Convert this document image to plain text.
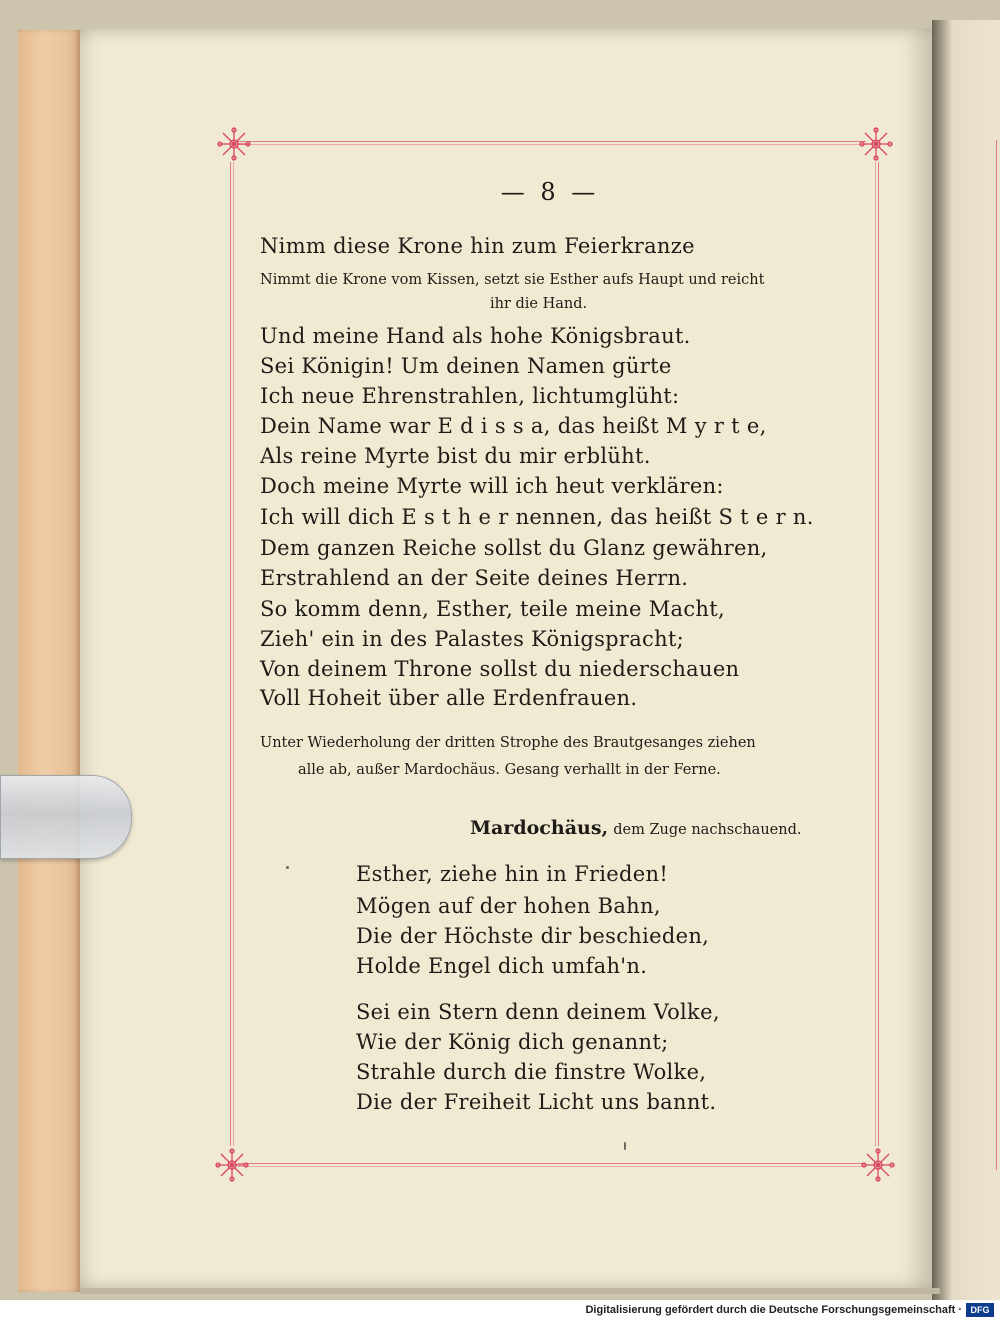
— 8 —
Nimm diese Krone hin zum Feierkranze
Nimmt die Krone vom Kissen, setzt sie Esther aufs Haupt und reicht
ihr die Hand.
Und meine Hand als hohe Königsbraut.
Sei Königin! Um deinen Namen gürte
Ich neue Ehrenstrahlen, lichtumglüht:
Dein Name war E d i s s a, das heißt M y r t e,
Als reine Myrte bist du mir erblüht.
Doch meine Myrte will ich heut verklären:
Ich will dich E s t h e r nennen, das heißt S t e r n.
Dem ganzen Reiche sollst du Glanz gewähren,
Erstrahlend an der Seite deines Herrn.
So komm denn, Esther, teile meine Macht,
Zieh' ein in des Palastes Königspracht;
Von deinem Throne sollst du niederschauen
Voll Hoheit über alle Erdenfrauen.
Unter Wiederholung der dritten Strophe des Brautgesanges ziehen
alle ab, außer Mardochäus. Gesang verhallt in der Ferne.
Mardochäus, dem Zuge nachschauend.
Esther, ziehe hin in Frieden!
Mögen auf der hohen Bahn,
Die der Höchste dir beschieden,
Holde Engel dich umfah'n.
Sei ein Stern denn deinem Volke,
Wie der König dich genannt;
Strahle durch die finstre Wolke,
Die der Freiheit Licht uns bannt.
Digitalisierung gefördert durch die Deutsche Forschungsgemeinschaft · DFG
